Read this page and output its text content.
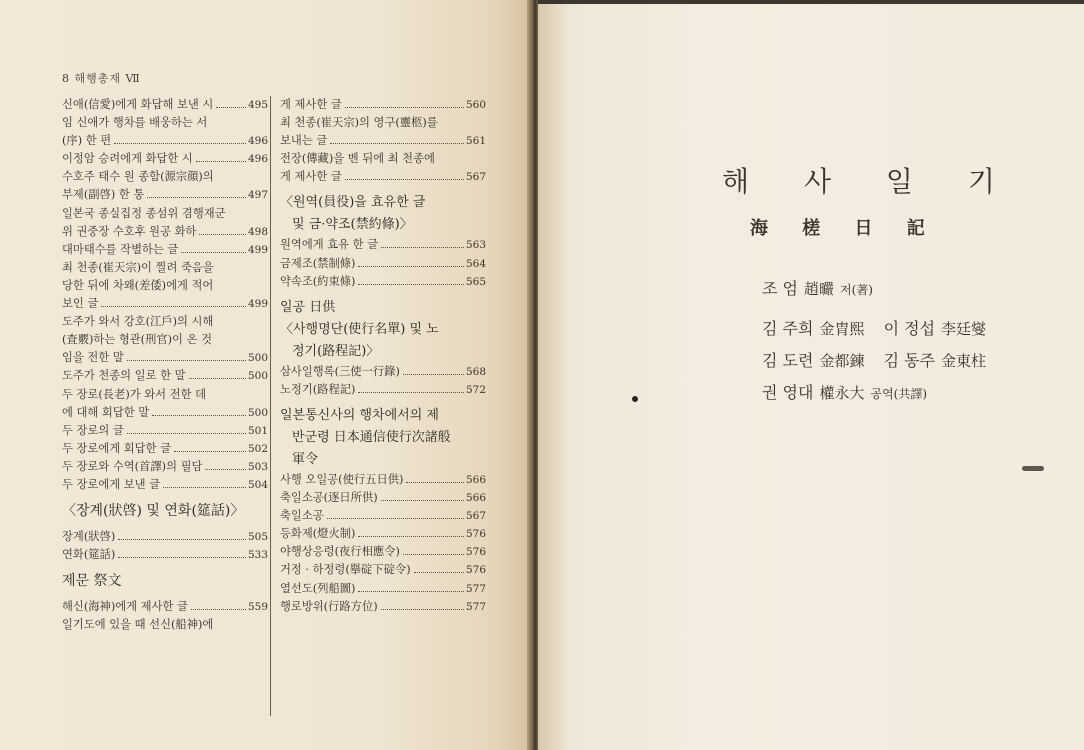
8 해행총재 Ⅶ
신애(信愛)에게 화답해 보낸 시	495
임 신애가 행차를 배웅하는 서
(序) 한 편	496
이정암 승려에게 화답한 시	496
수호주 태수 원 종함(源宗顔)의
부제(副啓) 한 통	497
일본국 종실집정 종섬위 겸행재군
위 권중장 수호후 원공 화하	498
대마태수를 작별하는 글	499
최 천종(崔天宗)이 찔려 죽음을
당한 뒤에 차왜(差倭)에게 적어
보인 글	499
도주가 와서 강호(江戶)의 시해
(査覈)하는 형관(刑官)이 온 것
임을 전한 말	500
도주가 천종의 일로 한 말	500
두 장로(長老)가 와서 전한 데
에 대해 회답한 말	500
두 장로의 글	501
두 장로에게 회답한 글	502
두 장로와 수역(首譯)의 필담	503
두 장로에게 보낸 글	504
〈장계(狀啓) 및 연화(筵話)〉
장계(狀啓)	505
연화(筵話)	533
제문 祭文
해신(海神)에게 제사한 글	559
일기도에 있을 때 선신(船神)에
게 제사한 글	560
최 천종(崔天宗)의 영구(靈柩)를
보내는 글	561
전장(傳藏)을 벤 뒤에 최 천종에
게 제사한 글	567
〈원역(員役)을 효유한 글
및 금·약조(禁約條)〉
원역에게 효유 한 글	563
금제조(禁制條)	564
약속조(約束條)	565
일공 日供
〈사행명단(使行名單) 및 노
정기(路程記)〉
삼사일행록(三使一行錄)	568
노정기(路程記)	572
일본통신사의 행차에서의 제
반군령 日本通信使行次諸般
軍令
사행 오일공(使行五日供)	566
축일소공(逐日所供)	566
축일소공	567
등화제(燈火制)	576
야행상응령(夜行相應令)	576
거정 · 하정령(擧碇下碇令)	576
열선도(列船圖)	577
행로방위(行路方位)	577
해 사 일 기
海 槎 日 記
조 엄 趙曮 저(著)
김 주희 金胄熙 이 정섭 李廷燮
김 도련 金都鍊 김 동주 金東柱
권 영대 權永大 공역(共譯)
